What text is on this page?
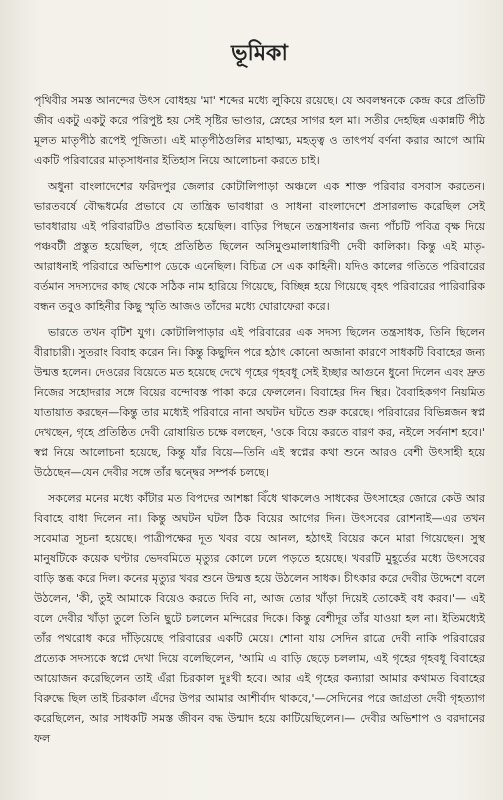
ভূমিকা

পৃথিবীর সমস্ত আনন্দের উৎস বোধহয় 'মা' শব্দের মধ্যে লুকিয়ে রয়েছে। যে অবলম্বনকে কেন্দ্র করে প্রতিটি জীব একটু একটু করে পরিপুষ্ট হয় সেই সৃষ্টির ভাণ্ডার, স্নেহের সাগর হল মা। সতীর দেহছিন্ন একান্নটি পীঠ মূলত মাতৃপীঠ রূপেই পূজিতা। এই মাতৃপীঠগুলির মাহাত্ম্য, মহত্ত্ব ও তাৎপর্য বর্ণনা করার আগে আমি একটি পরিবারের মাতৃসাধনার ইতিহাস নিয়ে আলোচনা করতে চাই।

অধুনা বাংলাদেশের ফরিদপুর জেলার কোটালিপাড়া অঞ্চলে এক শাক্ত পরিবার বসবাস করতেন। ভারতবর্ষে বৌদ্ধধর্মের প্রভাবে যে তান্ত্রিক ভাবধারা ও সাধনা বাংলাদেশে প্রসারলাভ করেছিল সেই ভাবধারায় এই পরিবারটিও প্রভাবিত হয়েছিল। বাড়ির পিছনে তন্ত্রসাধনার জন্য পাঁচটি পবিত্র বৃক্ষ দিয়ে পঞ্চবটী প্রস্তুত হয়েছিল, গৃহে প্রতিষ্ঠিত ছিলেন অসিমুণ্ডমালাধারিণী দেবী কালিকা। কিন্তু এই মাতৃ-আরাধনাই পরিবারে অভিশাপ ডেকে এনেছিল। বিচিত্র সে এক কাহিনী। যদিও কালের গতিতে পরিবারের বর্তমান সদস্যদের কাছ থেকে সঠিক নাম হারিয়ে গিয়েছে, বিচ্ছিন্ন হয়ে গিয়েছে বৃহৎ পরিবারের পারিবারিক বন্ধন তবুও কাহিনীর কিছু স্মৃতি আজও তাঁদের মধ্যে ঘোরাফেরা করে।

ভারতে তখন বৃটিশ যুগ। কোটালিপাড়ার এই পরিবারের এক সদস্য ছিলেন তন্ত্রসাধক, তিনি ছিলেন বীরাচারী। সুতরাং বিবাহ করেন নি। কিন্তু কিছুদিন পরে হঠাৎ কোনো অজানা কারণে সাধকটি বিবাহের জন্য উন্মত্ত হলেন। দেওরের বিয়েতে মত হয়েছে দেখে গৃহের গৃহবধূ সেই ইচ্ছার আগুনে ধুনো দিলেন এবং দ্রুত নিজের সহোদরার সঙ্গে বিয়ের বন্দোবস্ত পাকা করে ফেললেন। বিবাহের দিন স্থির। বৈবাহিকগণ নিয়মিত যাতায়াত করছেন—কিন্তু তার মধ্যেই পরিবারে নানা অঘটন ঘটতে শুরু করেছে। পরিবারের বিভিন্নজন স্বপ্ন দেখছেন, গৃহে প্রতিষ্ঠিত দেবী রোষায়িত চক্ষে বলছেন, 'ওকে বিয়ে করতে বারণ কর, নইলে সর্বনাশ হবে।' স্বপ্ন নিয়ে আলোচনা হয়েছে, কিন্তু যাঁর বিয়ে—তিনি এই স্বপ্নের কথা শুনে আরও বেশী উৎসাহী হয়ে উঠেছেন—যেন দেবীর সঙ্গে তাঁর দ্বন্দ্বের সম্পর্ক চলছে।

সকলের মনের মধ্যে কাঁটার মত বিপদের আশঙ্কা বিঁধে থাকলেও সাধকের উৎসাহের জোরে কেউ আর বিবাহে বাধা দিলেন না। কিন্তু অঘটন ঘটল ঠিক বিয়ের আগের দিন। উৎসবের রোশনাই—এর তখন সবেমাত্র সূচনা হয়েছে। পাত্রীপক্ষের দূত খবর বয়ে আনল, হঠাৎই বিয়ের কনে মারা গিয়েছেন। সুস্থ মানুষটিকে কয়েক ঘণ্টার ভেদবমিতে মৃত্যুর কোলে ঢলে পড়তে হয়েছে। খবরটি মুহূর্তের মধ্যে উৎসবের বাড়ি স্তব্ধ করে দিল। কনের মৃত্যুর খবর শুনে উন্মত্ত হয়ে উঠলেন সাধক। চীৎকার করে দেবীর উদ্দেশে বলে উঠলেন, 'কী, তুই আমাকে বিয়েও করতে দিবি না, আজ তোর খাঁড়া দিয়েই তোকেই বধ করব।'— এই বলে দেবীর খাঁড়া তুলে তিনি ছুটে চললেন মন্দিরের দিকে। কিন্তু বেশীদূর তাঁর যাওয়া হল না। ইতিমধ্যেই তাঁর পথরোধ করে দাঁড়িয়েছে পরিবারের একটি মেয়ে। শোনা যায় সেদিন রাত্রে দেবী নাকি পরিবারের প্রত্যেক সদস্যকে স্বপ্নে দেখা দিয়ে বলেছিলেন, 'আমি এ বাড়ি ছেড়ে চললাম, এই গৃহের গৃহবধূ বিবাহের আয়োজন করেছিলেন তাই এঁরা চিরকাল দুঃখী হবে। আর এই গৃহের কন্যারা আমার কথামত বিবাহের বিরুদ্ধে ছিল তাই চিরকাল এঁদের উপর আমার আশীর্বাদ থাকবে,'—সেদিনের পরে জাগ্রতা দেবী গৃহত্যাগ করেছিলেন, আর সাধকটি সমস্ত জীবন বদ্ধ উন্মাদ হয়ে কাটিয়েছিলেন।— দেবীর অভিশাপ ও বরদানের ফল
